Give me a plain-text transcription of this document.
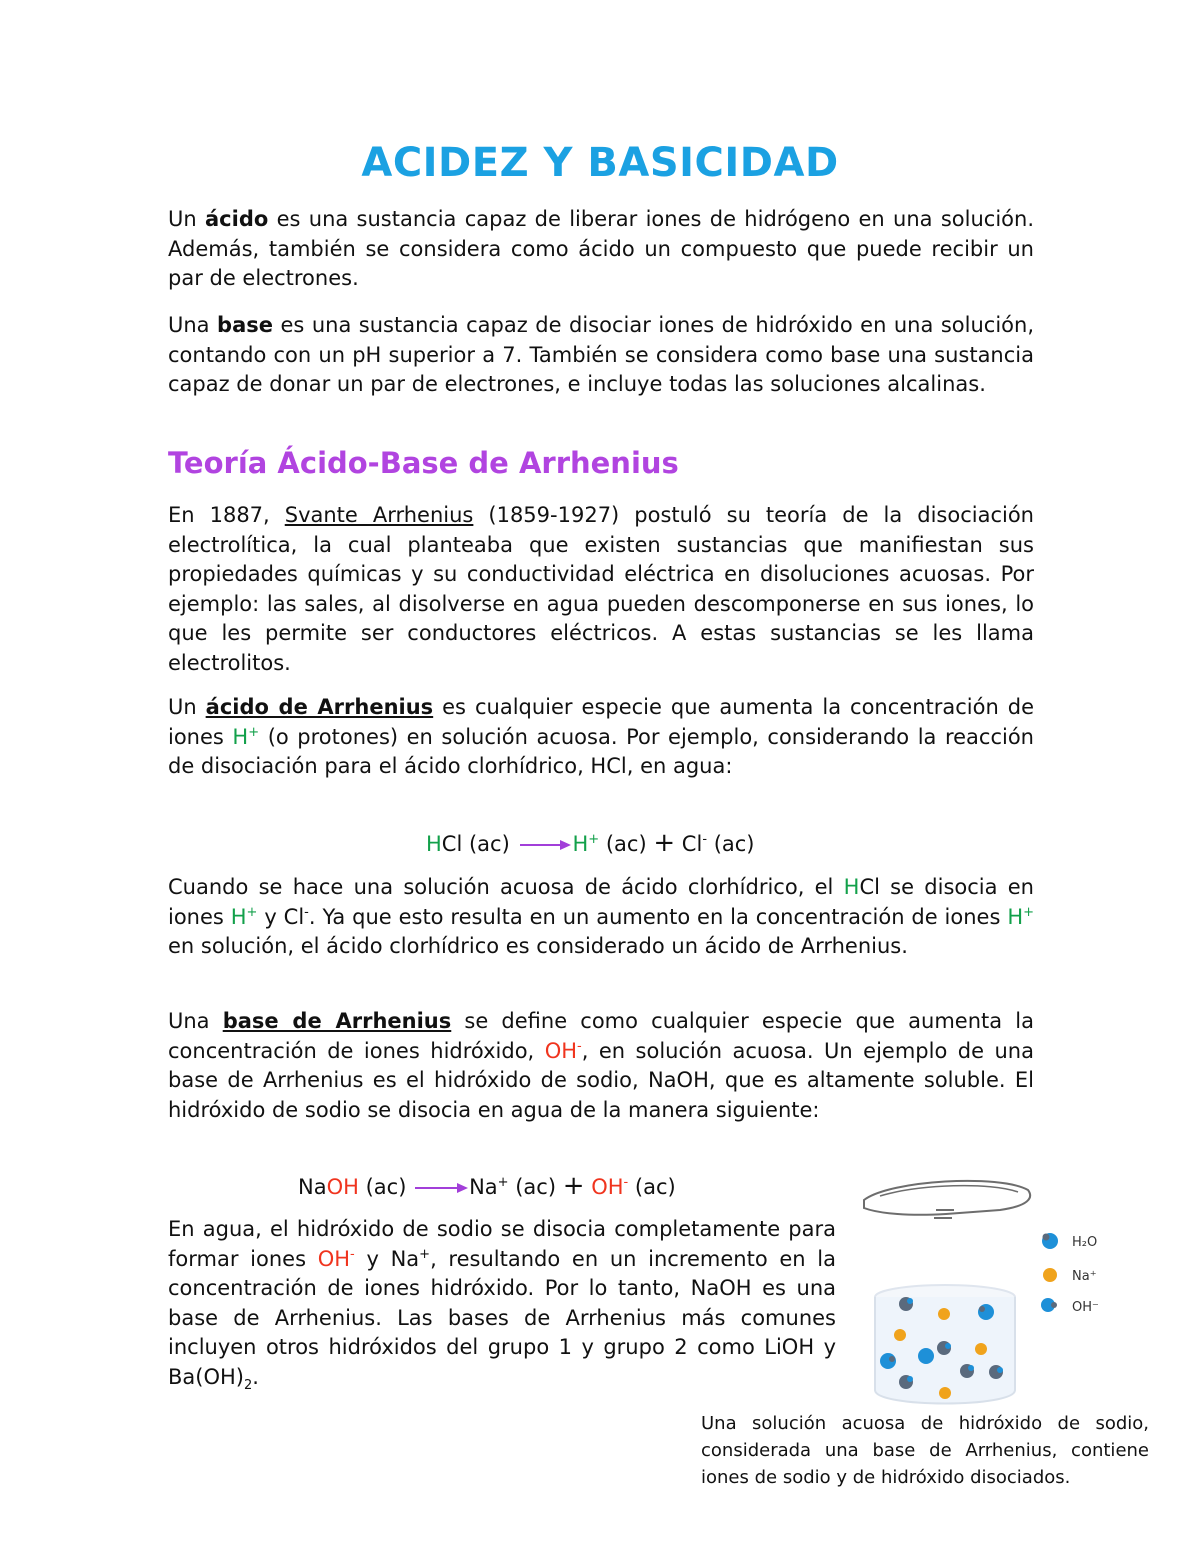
ACIDEZ Y BASICIDAD

Un ácido es una sustancia capaz de liberar iones de hidrógeno en una solución. Además, también se considera como ácido un compuesto que puede recibir un par de electrones.

Una base es una sustancia capaz de disociar iones de hidróxido en una solución, contando con un pH superior a 7. También se considera como base una sustancia capaz de donar un par de electrones, e incluye todas las soluciones alcalinas.

Teoría Ácido-Base de Arrhenius

En 1887, Svante Arrhenius (1859-1927) postuló su teoría de la disociación electrolítica, la cual planteaba que existen sustancias que manifiestan sus propiedades químicas y su conductividad eléctrica en disoluciones acuosas. Por ejemplo: las sales, al disolverse en agua pueden descomponerse en sus iones, lo que les permite ser conductores eléctricos. A estas sustancias se les llama electrolitos.

Un ácido de Arrhenius es cualquier especie que aumenta la concentración de iones H+ (o protones) en solución acuosa. Por ejemplo, considerando la reacción de disociación para el ácido clorhídrico, HCl, en agua:

HCl (ac) →H+ (ac) + Cl- (ac)

Cuando se hace una solución acuosa de ácido clorhídrico, el HCl se disocia en iones H+ y Cl-. Ya que esto resulta en un aumento en la concentración de iones H+ en solución, el ácido clorhídrico es considerado un ácido de Arrhenius.

Una base de Arrhenius se define como cualquier especie que aumenta la concentración de iones hidróxido, OH-, en solución acuosa. Un ejemplo de una base de Arrhenius es el hidróxido de sodio, NaOH, que es altamente soluble. El hidróxido de sodio se disocia en agua de la manera siguiente:

NaOH (ac) →Na+ (ac) + OH- (ac)

En agua, el hidróxido de sodio se disocia completamente para formar iones OH- y Na+, resultando en un incremento en la concentración de iones hidróxido. Por lo tanto, NaOH es una base de Arrhenius. Las bases de Arrhenius más comunes incluyen otros hidróxidos del grupo 1 y grupo 2 como LiOH y $Ba(OH)_2$.

H₂O
Na⁺
OH⁻

Una solución acuosa de hidróxido de sodio, considerada una base de Arrhenius, contiene iones de sodio y de hidróxido disociados.
